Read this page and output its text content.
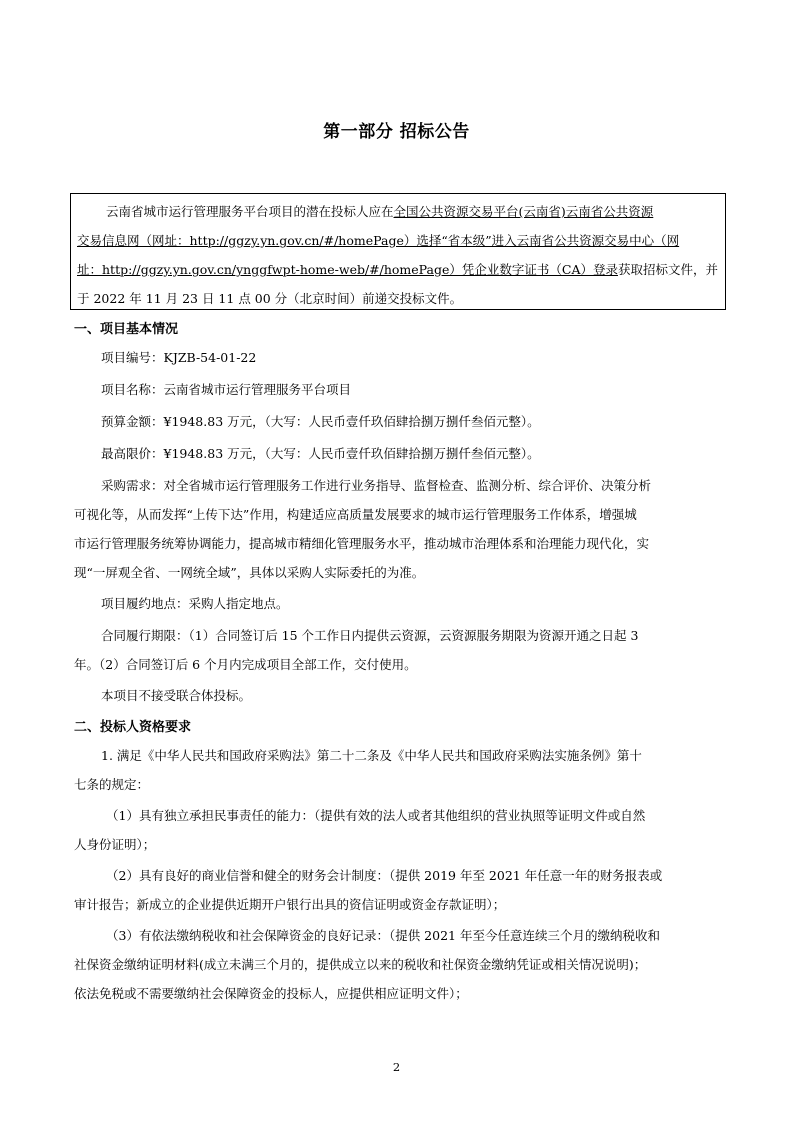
第一部分 招标公告
云南省城市运行管理服务平台项目的潜在投标人应在全国公共资源交易平台(云南省)云南省公共资源
交易信息网（网址：http://ggzy.yn.gov.cn/#/homePage）选择“省本级”进入云南省公共资源交易中心（网
址：http://ggzy.yn.gov.cn/ynggfwpt-home-web/#/homePage）凭企业数字证书（CA）登录获取招标文件，并
于 2022 年 11 月 23 日 11 点 00 分（北京时间）前递交投标文件。
一、项目基本情况
项目编号：KJZB-54-01-22
项目名称：云南省城市运行管理服务平台项目
预算金额：¥1948.83 万元，（大写：人民币壹仟玖佰肆拾捌万捌仟叁佰元整）。
最高限价：¥1948.83 万元，（大写：人民币壹仟玖佰肆拾捌万捌仟叁佰元整）。
采购需求：对全省城市运行管理服务工作进行业务指导、监督检查、监测分析、综合评价、决策分析
可视化等，从而发挥“上传下达”作用，构建适应高质量发展要求的城市运行管理服务工作体系，增强城
市运行管理服务统筹协调能力，提高城市精细化管理服务水平，推动城市治理体系和治理能力现代化，实
现“一屏观全省、一网统全域”，具体以采购人实际委托的为准。
项目履约地点：采购人指定地点。
合同履行期限：（1）合同签订后 15 个工作日内提供云资源，云资源服务期限为资源开通之日起 3
年。（2）合同签订后 6 个月内完成项目全部工作，交付使用。
本项目不接受联合体投标。
二、投标人资格要求
1. 满足《中华人民共和国政府采购法》第二十二条及《中华人民共和国政府采购法实施条例》第十
七条的规定：
（1）具有独立承担民事责任的能力：（提供有效的法人或者其他组织的营业执照等证明文件或自然
人身份证明）；
（2）具有良好的商业信誉和健全的财务会计制度：（提供 2019 年至 2021 年任意一年的财务报表或
审计报告；新成立的企业提供近期开户银行出具的资信证明或资金存款证明）；
（3）有依法缴纳税收和社会保障资金的良好记录：（提供 2021 年至今任意连续三个月的缴纳税收和
社保资金缴纳证明材料(成立未满三个月的，提供成立以来的税收和社保资金缴纳凭证或相关情况说明)；
依法免税或不需要缴纳社会保障资金的投标人，应提供相应证明文件）；
2
